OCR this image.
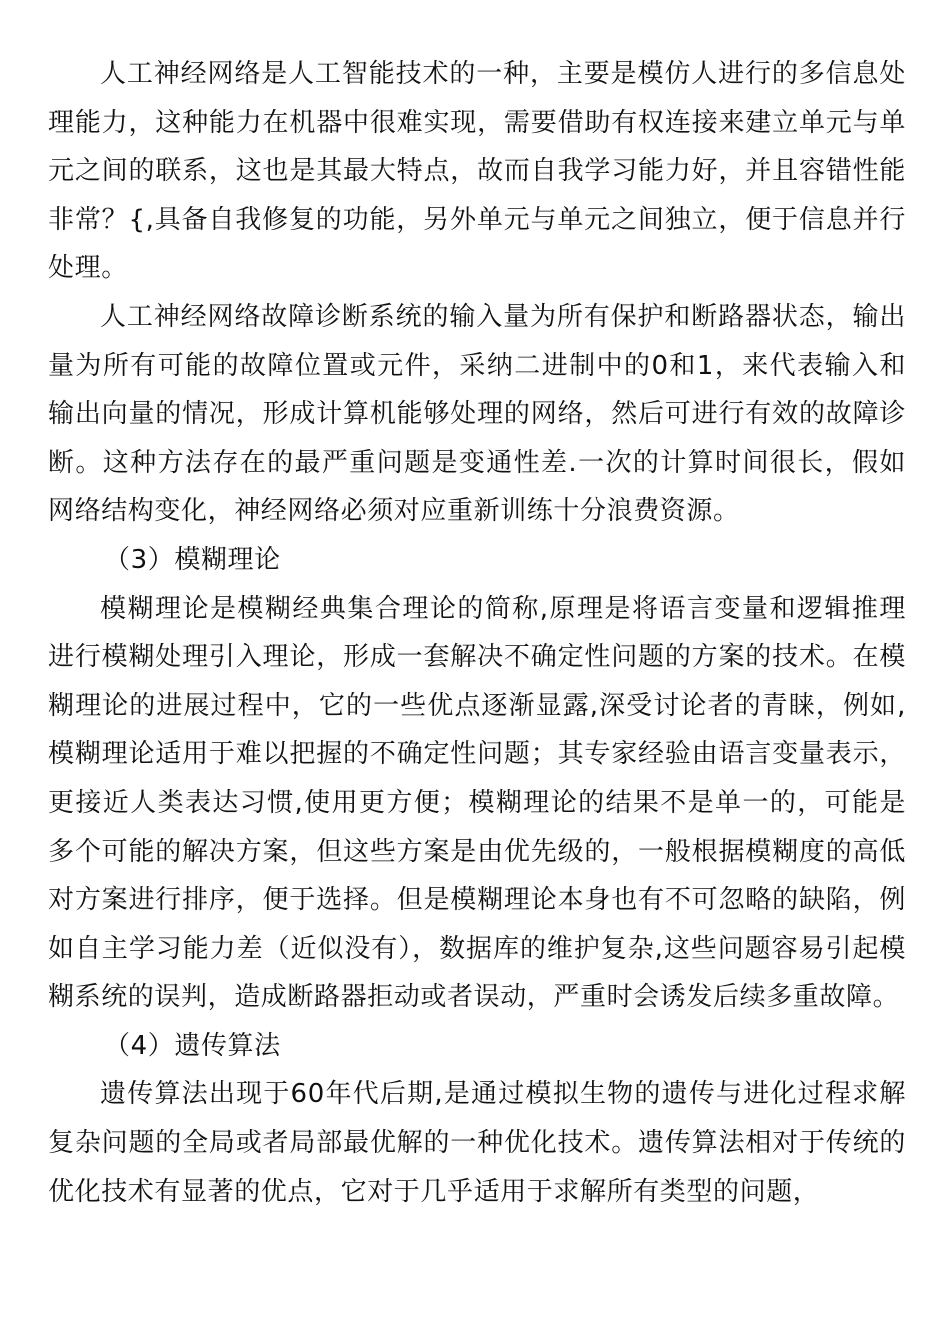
人工神经网络是人工智能技术的一种，主要是模仿人进行的多信息处理能力，这种能力在机器中很难实现，需要借助有权连接来建立单元与单元之间的联系，这也是其最大特点，故而自我学习能力好，并且容错性能非常？{,具备自我修复的功能，另外单元与单元之间独立，便于信息并行处理。

人工神经网络故障诊断系统的输入量为所有保护和断路器状态，输出量为所有可能的故障位置或元件，采纳二进制中的0和1，来代表输入和输出向量的情况，形成计算机能够处理的网络，然后可进行有效的故障诊断。这种方法存在的最严重问题是变通性差.一次的计算时间很长，假如网络结构变化，神经网络必须对应重新训练十分浪费资源。

（3）模糊理论

模糊理论是模糊经典集合理论的简称,原理是将语言变量和逻辑推理进行模糊处理引入理论，形成一套解决不确定性问题的方案的技术。在模糊理论的进展过程中，它的一些优点逐渐显露,深受讨论者的青睐，例如,模糊理论适用于难以把握的不确定性问题；其专家经验由语言变量表示，更接近人类表达习惯,使用更方便；模糊理论的结果不是单一的，可能是多个可能的解决方案，但这些方案是由优先级的，一般根据模糊度的高低对方案进行排序，便于选择。但是模糊理论本身也有不可忽略的缺陷，例如自主学习能力差（近似没有），数据库的维护复杂,这些问题容易引起模糊系统的误判，造成断路器拒动或者误动，严重时会诱发后续多重故障。

（4）遗传算法

遗传算法出现于60年代后期,是通过模拟生物的遗传与进化过程求解复杂问题的全局或者局部最优解的一种优化技术。遗传算法相对于传统的优化技术有显著的优点，它对于几乎适用于求解所有类型的问题，
